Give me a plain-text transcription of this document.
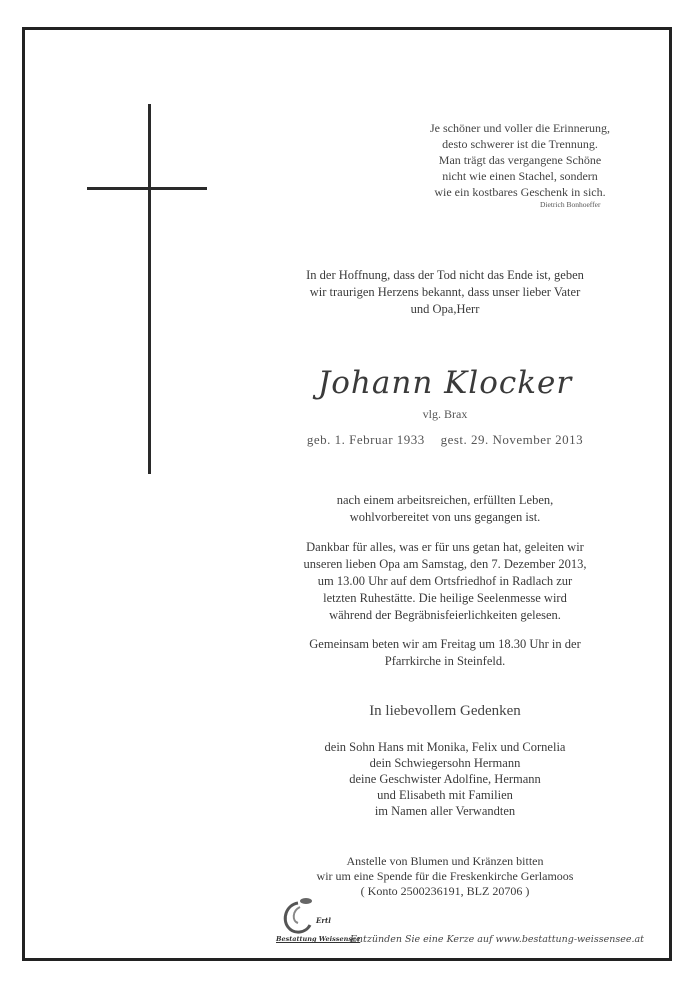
Je schöner und voller die Erinnerung,
desto schwerer ist die Trennung.
Man trägt das vergangene Schöne
nicht wie einen Stachel, sondern
wie ein kostbares Geschenk in sich.
Dietrich Bonhoeffer
In der Hoffnung, dass der Tod nicht das Ende ist, geben
wir traurigen Herzens bekannt, dass unser lieber Vater
und Opa,Herr
Johann Klocker
vlg. Brax
geb. 1. Februar 1933 gest. 29. November 2013
nach einem arbeitsreichen, erfüllten Leben,
wohlvorbereitet von uns gegangen ist.
Dankbar für alles, was er für uns getan hat, geleiten wir
unseren lieben Opa am Samstag, den 7. Dezember 2013,
um 13.00 Uhr auf dem Ortsfriedhof in Radlach zur
letzten Ruhestätte. Die heilige Seelenmesse wird
während der Begräbnisfeierlichkeiten gelesen.
Gemeinsam beten wir am Freitag um 18.30 Uhr in der
Pfarrkirche in Steinfeld.
In liebevollem Gedenken
dein Sohn Hans mit Monika, Felix und Cornelia
dein Schwiegersohn Hermann
deine Geschwister Adolfine, Hermann
und Elisabeth mit Familien
im Namen aller Verwandten
Anstelle von Blumen und Kränzen bitten
wir um eine Spende für die Freskenkirche Gerlamoos
( Konto 2500236191, BLZ 20706 )
Ertl
Bestattung Weissensee
Entzünden Sie eine Kerze auf www.bestattung-weissensee.at
